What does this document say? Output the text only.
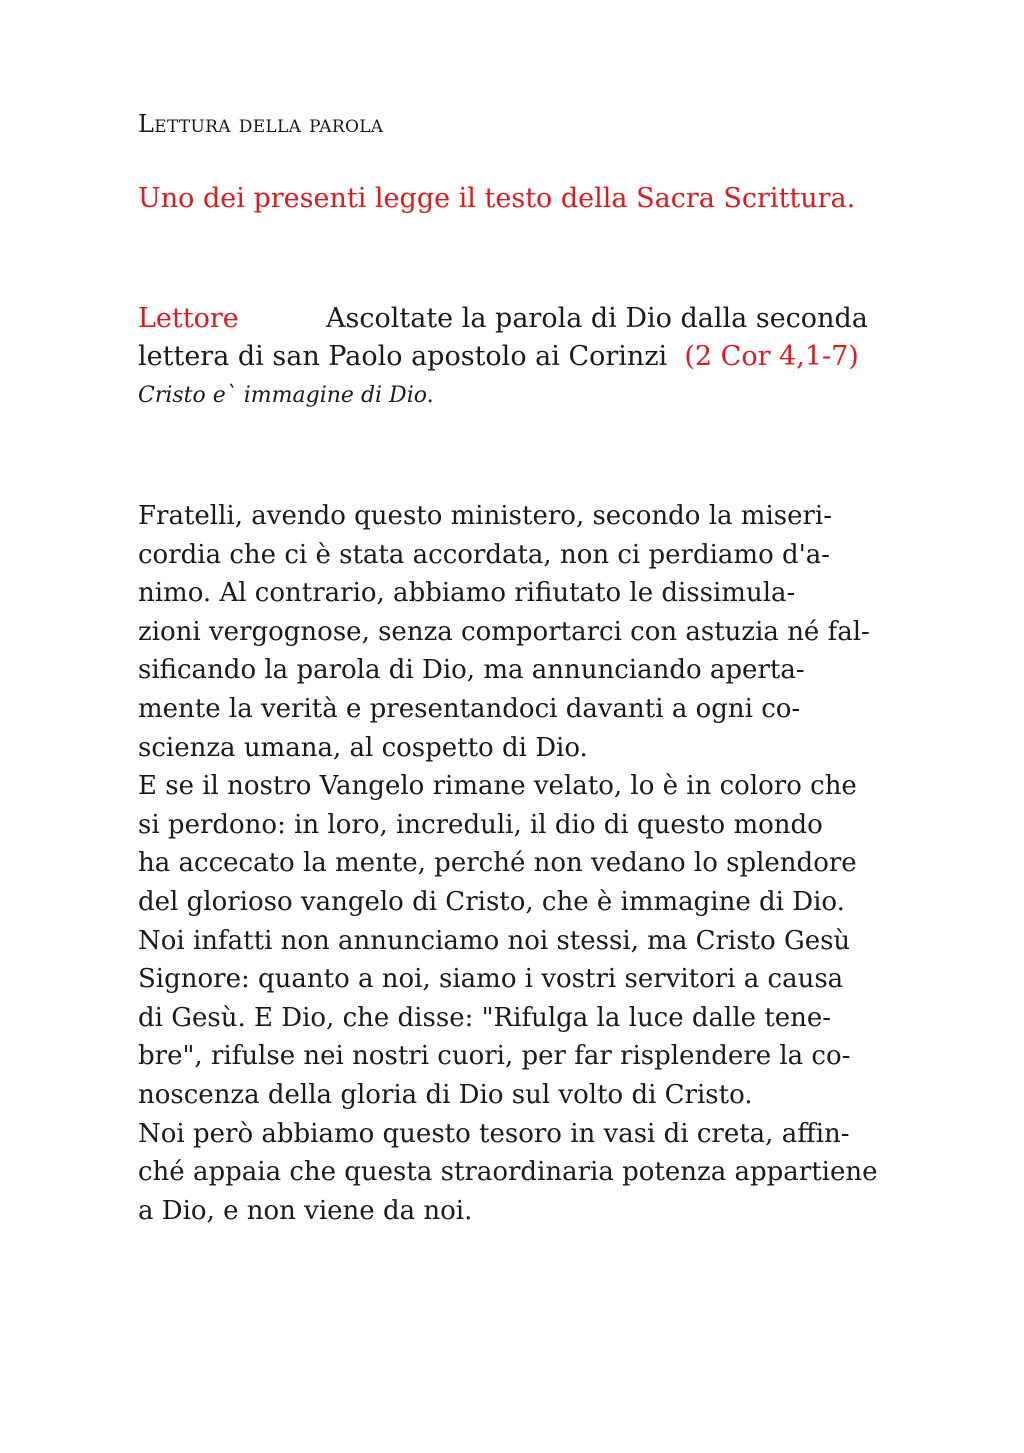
Lettura della parola
Uno dei presenti legge il testo della Sacra Scrittura.
Lettore	Ascoltate la parola di Dio dalla seconda
lettera di san Paolo apostolo ai Corinzi (2 Cor 4,1-7)
Cristo e` immagine di Dio.
Fratelli, avendo questo ministero, secondo la miseri-
cordia che ci è stata accordata, non ci perdiamo d'a-
nimo. Al contrario, abbiamo rifiutato le dissimula-
zioni vergognose, senza comportarci con astuzia né fal-
sificando la parola di Dio, ma annunciando aperta-
mente la verità e presentandoci davanti a ogni co-
scienza umana, al cospetto di Dio.
E se il nostro Vangelo rimane velato, lo è in coloro che
si perdono: in loro, increduli, il dio di questo mondo
ha accecato la mente, perché non vedano lo splendore
del glorioso vangelo di Cristo, che è immagine di Dio.
Noi infatti non annunciamo noi stessi, ma Cristo Gesù
Signore: quanto a noi, siamo i vostri servitori a causa
di Gesù. E Dio, che disse: "Rifulga la luce dalle tene-
bre", rifulse nei nostri cuori, per far risplendere la co-
noscenza della gloria di Dio sul volto di Cristo.
Noi però abbiamo questo tesoro in vasi di creta, affin-
ché appaia che questa straordinaria potenza appartiene
a Dio, e non viene da noi.
